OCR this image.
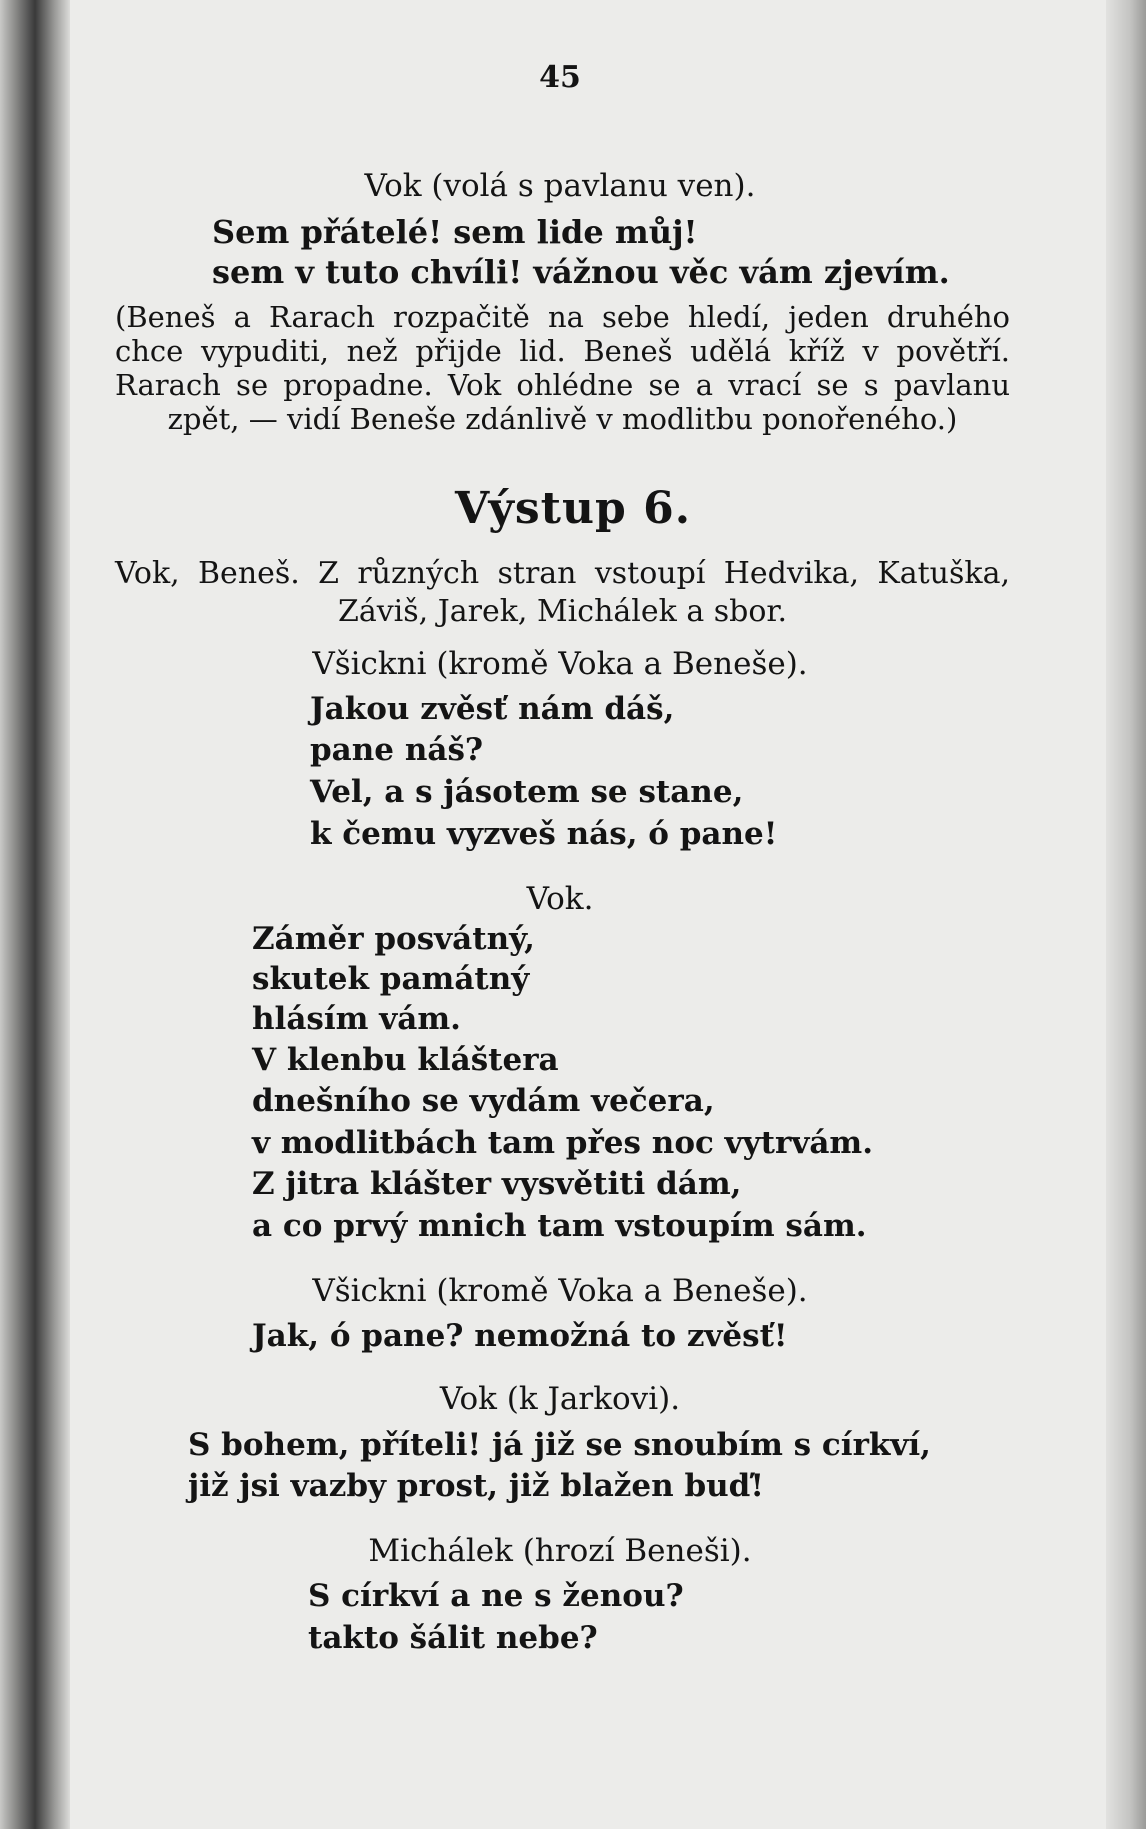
45
Vok (volá s pavlanu ven).
Sem přátelé! sem lide můj!
sem v tuto chvíli! vážnou věc vám zjevím.
(Beneš a Rarach rozpačitě na sebe hledí, jeden druhého
chce vypuditi, než přijde lid. Beneš udělá kříž v povětří.
Rarach se propadne. Vok ohlédne se a vrací se s pavlanu
zpět, — vidí Beneše zdánlivě v modlitbu ponořeného.)
Výstup 6.
Vok, Beneš. Z různých stran vstoupí Hedvika, Katuška,
Záviš, Jarek, Michálek a sbor.
Všickni (kromě Voka a Beneše).
Jakou zvěsť nám dáš,
pane náš?
Vel, a s jásotem se stane,
k čemu vyzveš nás, ó pane!
Vok.
Záměr posvátný,
skutek památný
hlásím vám.
V klenbu kláštera
dnešního se vydám večera,
v modlitbách tam přes noc vytrvám.
Z jitra klášter vysvětiti dám,
a co prvý mnich tam vstoupím sám.
Všickni (kromě Voka a Beneše).
Jak, ó pane? nemožná to zvěsť!
Vok (k Jarkovi).
S bohem, příteli! já již se snoubím s církví,
již jsi vazby prost, již blažen buď!
Michálek (hrozí Beneši).
S církví a ne s ženou?
takto šálit nebe?
